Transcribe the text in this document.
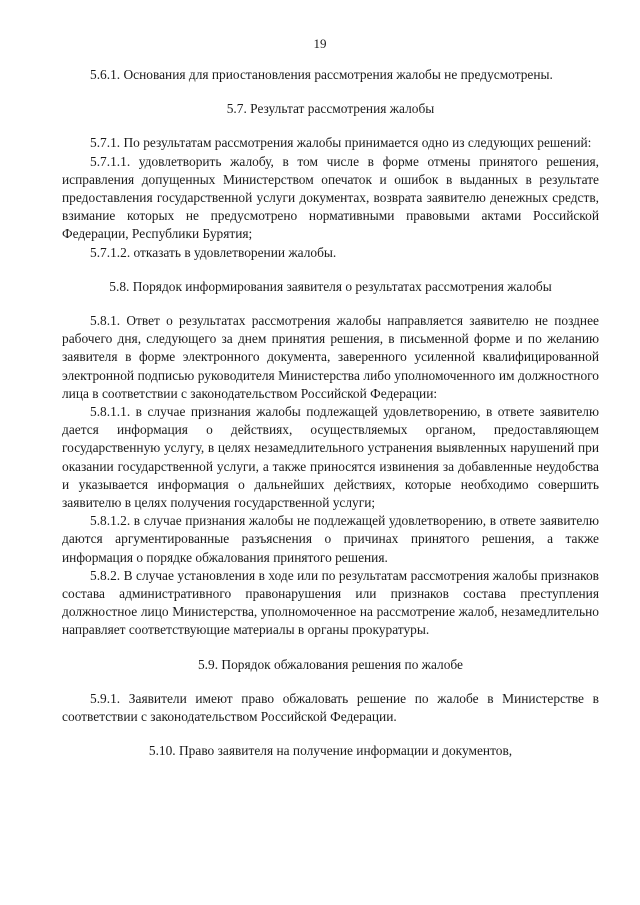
19

5.6.1. Основания для приостановления рассмотрения жалобы не предусмотрены.

5.7. Результат рассмотрения жалобы

5.7.1. По результатам рассмотрения жалобы принимается одно из следующих решений:

5.7.1.1. удовлетворить жалобу, в том числе в форме отмены принятого решения, исправления допущенных Министерством опечаток и ошибок в выданных в результате предоставления государственной услуги документах, возврата заявителю денежных средств, взимание которых не предусмотрено нормативными правовыми актами Российской Федерации, Республики Бурятия;

5.7.1.2. отказать в удовлетворении жалобы.

5.8. Порядок информирования заявителя о результатах рассмотрения жалобы

5.8.1. Ответ о результатах рассмотрения жалобы направляется заявителю не позднее рабочего дня, следующего за днем принятия решения, в письменной форме и по желанию заявителя в форме электронного документа, заверенного усиленной квалифицированной электронной подписью руководителя Министерства либо уполномоченного им должностного лица в соответствии с законодательством Российской Федерации:

5.8.1.1. в случае признания жалобы подлежащей удовлетворению, в ответе заявителю дается информация о действиях, осуществляемых органом, предоставляющем государственную услугу, в целях незамедлительного устранения выявленных нарушений при оказании государственной услуги, а также приносятся извинения за добавленные неудобства и указывается информация о дальнейших действиях, которые необходимо совершить заявителю в целях получения государственной услуги;

5.8.1.2. в случае признания жалобы не подлежащей удовлетворению, в ответе заявителю даются аргументированные разъяснения о причинах принятого решения, а также информация о порядке обжалования принятого решения.

5.8.2. В случае установления в ходе или по результатам рассмотрения жалобы признаков состава административного правонарушения или признаков состава преступления должностное лицо Министерства, уполномоченное на рассмотрение жалоб, незамедлительно направляет соответствующие материалы в органы прокуратуры.

5.9. Порядок обжалования решения по жалобе

5.9.1. Заявители имеют право обжаловать решение по жалобе в Министерстве в соответствии с законодательством Российской Федерации.

5.10. Право заявителя на получение информации и документов,
